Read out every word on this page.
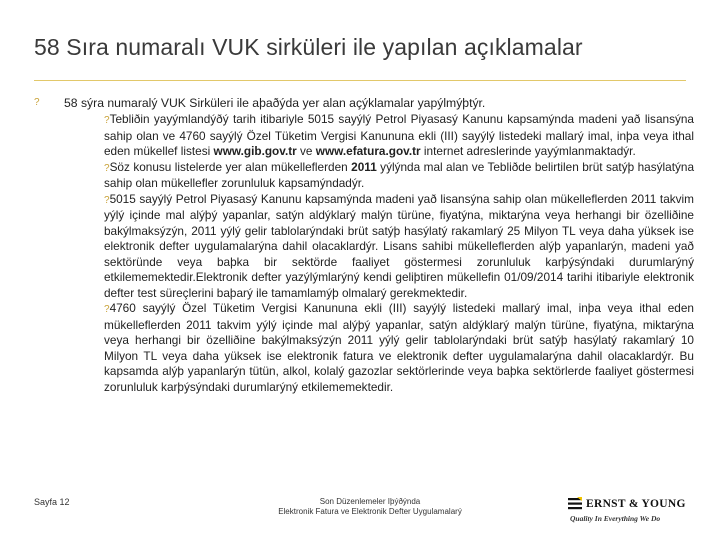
58 Sıra numaralı VUK sirküleri ile yapılan açıklamalar
? 58 sýra numaralý VUK Sirküleri ile aþaðýda yer alan açýklamalar yapýlmýþtýr.

?Tebliðin yayýmlandýðý tarih itibariyle 5015 sayýlý Petrol Piyasasý Kanunu kapsamýnda madeni yað lisansýna sahip olan ve 4760 sayýlý Özel Tüketim Vergisi Kanununa ekli (III) sayýlý listedeki mallarý imal, inþa veya ithal eden mükellef listesi www.gib.gov.tr ve www.efatura.gov.tr internet adreslerinde yayýmlanmaktadýr.

?Söz konusu listelerde yer alan mükelleflerden 2011 yýlýnda mal alan ve Tebliðde belirtilen brüt satýþ hasýlatýna sahip olan mükellefler zorunluluk kapsamýndadýr.

?5015 sayýlý Petrol Piyasasý Kanunu kapsamýnda madeni yað lisansýna sahip olan mükelleflerden 2011 takvim yýlý içinde mal alýþý yapanlar, satýn aldýklarý malýn türüne, fiyatýna, miktarýna veya herhangi bir özelliðine bakýlmaksýzýn, 2011 yýlý gelir tablolarýndaki brüt satýþ hasýlatý rakamlarý 25 Milyon TL veya daha yüksek ise elektronik defter uygulamalarýna dahil olacaklardýr. Lisans sahibi mükelleflerden alýþ yapanlarýn, madeni yað sektöründe veya baþka bir sektörde faaliyet göstermesi zorunluluk karþýsýndaki durumlarýný etkilememektedir.Elektronik defter yazýlýmlarýný kendi geliþtiren mükellefin 01/09/2014 tarihi itibariyle elektronik defter test süreçlerini baþarý ile tamamlamýþ olmalarý gerekmektedir.

?4760 sayýlý Özel Tüketim Vergisi Kanununa ekli (III) sayýlý listedeki mallarý imal, inþa veya ithal eden mükelleflerden 2011 takvim yýlý içinde mal alýþý yapanlar, satýn aldýklarý malýn türüne, fiyatýna, miktarýna veya herhangi bir özelliðine bakýlmaksýzýn 2011 yýlý gelir tablolarýndaki brüt satýþ hasýlatý rakamlarý 10 Milyon TL veya daha yüksek ise elektronik fatura ve elektronik defter uygulamalarýna dahil olacaklardýr. Bu kapsamda alýþ yapanlarýn tütün, alkol, kolalý gazozlar sektörlerinde veya baþka sektörlerde faaliyet göstermesi zorunluluk karþýsýndaki durumlarýný etkilememektedir.

Sayfa 12	Son Düzenlemeler Iþýðýnda
Elektronik Fatura ve Elektronik Defter Uygulamalarý
ERNST & YOUNG
Quality In Everything We Do
